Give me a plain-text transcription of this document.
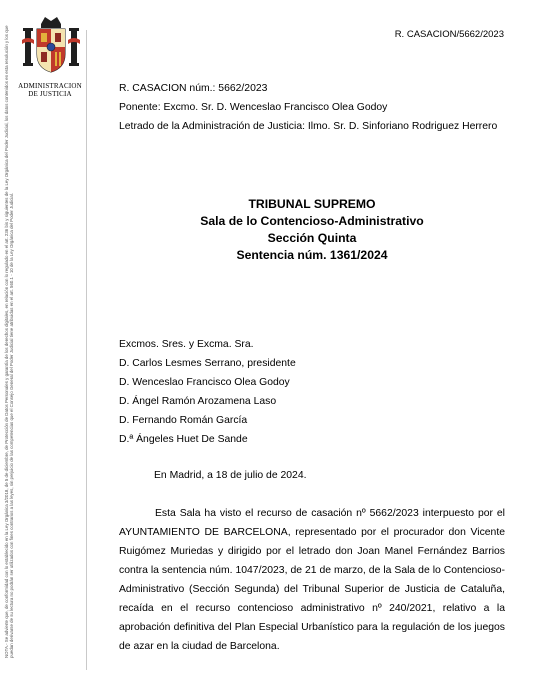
ADMINISTRACION
DE JUSTICIA
NOTA.- Se advierte que, de conformidad con lo establecido en la Ley Orgánica 3/2018, de 5 de diciembre, de Protección de Datos Personales y garantía de los derechos digitales, en relación con lo regulado en el art. 236 bis y siguientes de la Ley Orgánica del Poder Judicial, los datos contenidos en esta resolución y los que puedan derivarse de su lectura no podrán ser utilizados con fines contrarios a las leyes, sin perjuicio de las competencias que el Consejo General del Poder Judicial tiene atribuidas en el art. 560.1 - 10 de la Ley Orgánica del Poder Judicial.
R. CASACION/5662/2023
R. CASACION núm.: 5662/2023
Ponente: Excmo. Sr. D. Wenceslao Francisco Olea Godoy
Letrado de la Administración de Justicia: Ilmo. Sr. D. Sinforiano Rodriguez Herrero
TRIBUNAL SUPREMO
Sala de lo Contencioso-Administrativo
Sección Quinta
Sentencia núm. 1361/2024
Excmos. Sres. y Excma. Sra.
D. Carlos Lesmes Serrano, presidente
D. Wenceslao Francisco Olea Godoy
D. Ángel Ramón Arozamena Laso
D. Fernando Román García
D.ª Ángeles Huet De Sande
En Madrid, a 18 de julio de 2024.
Esta Sala ha visto el recurso de casación nº 5662/2023 interpuesto por el AYUNTAMIENTO DE BARCELONA, representado por el procurador don Vicente Ruigómez Muriedas y dirigido por el letrado don Joan Manel Fernández Barrios contra la sentencia núm. 1047/2023, de 21 de marzo, de la Sala de lo Contencioso-Administrativo (Sección Segunda) del Tribunal Superior de Justicia de Cataluña, recaída en el recurso contencioso administrativo nº 240/2021, relativo a la aprobación definitiva del Plan Especial Urbanístico para la regulación de los juegos de azar en la ciudad de Barcelona.
